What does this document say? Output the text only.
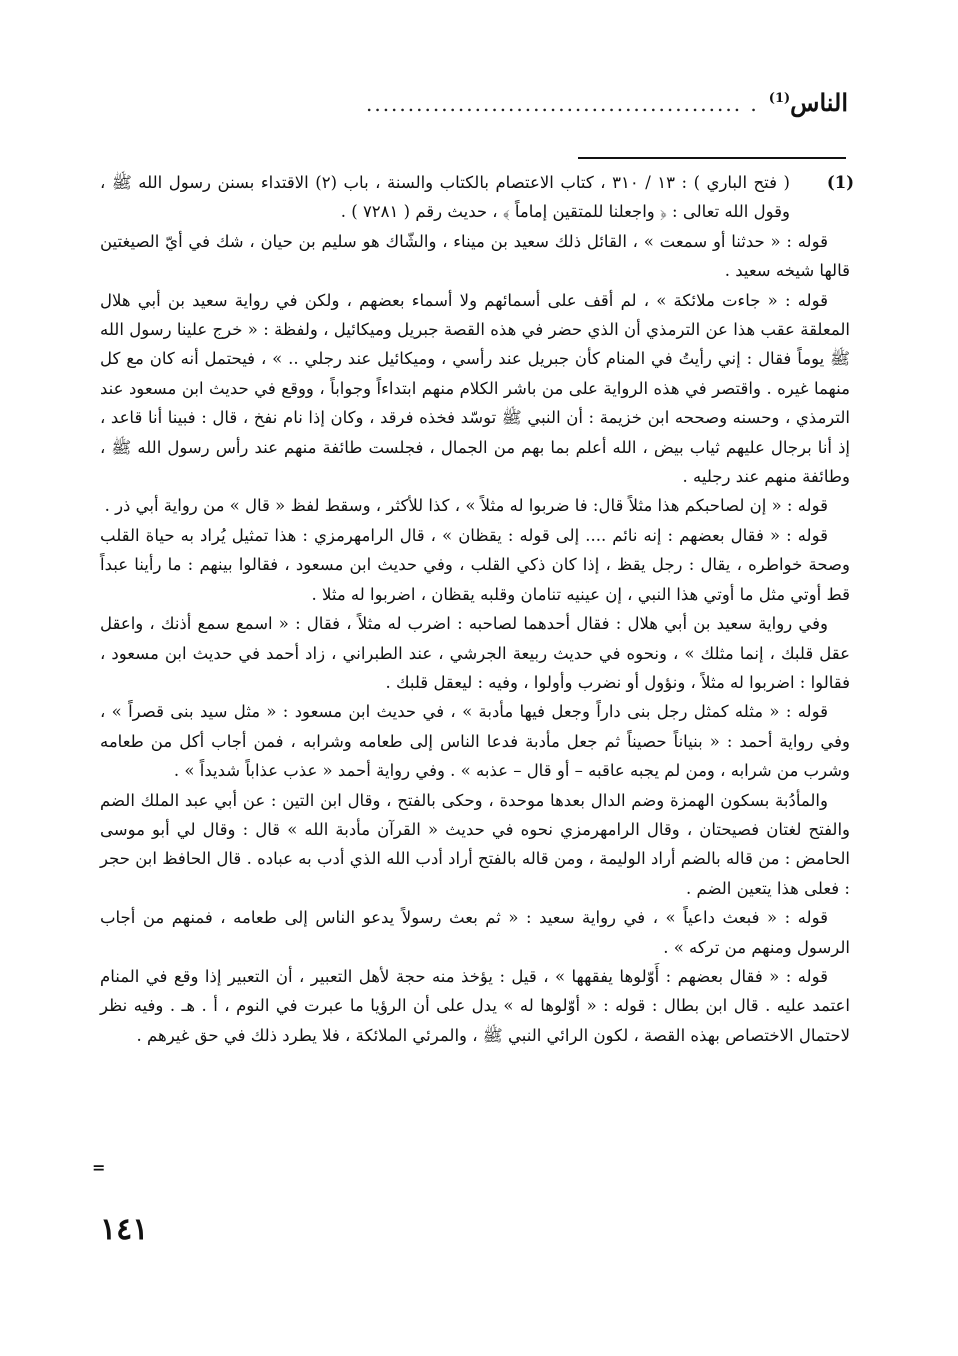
الناس$^{(1)}$
. .............................................
(1)

( فتح الباري ) : ١٣ / ٣١٠ ، كتاب الاعتصام بالكتاب والسنة ، باب (٢) الاقتداء بسنن رسول الله ﷺ ، وقول الله تعالى : ﴿ واجعلنا للمتقين إماماً ﴾ ، حديث رقم ( ٧٢٨١ ) .

قوله : « حدثنا أو سمعت » ، القائل ذلك سعيد بن ميناء ، والشّاك هو سليم بن حيان ، شك في أيّ الصيغتين قالها شيخه سعيد .

قوله : « جاءت ملائكة » ، لم أقف على أسمائهم ولا أسماء بعضهم ، ولكن في رواية سعيد بن أبي هلال المعلقة عقب هذا عن الترمذي أن الذي حضر في هذه القصة جبريل وميكائيل ، ولفظة : « خرج علينا رسول الله ﷺ يوماً فقال : إني رأيتُ في المنام كأن جبريل عند رأسي ، وميكائيل عند رجلي .. » ، فيحتمل أنه كان مع كل منهما غيره . واقتصر في هذه الرواية على من باشر الكلام منهم ابتداءاً وجواباً ، ووقع في حديث ابن مسعود عند الترمذي ، وحسنه وصححه ابن خزيمة : أن النبي ﷺ توسّد فخذه فرقد ، وكان إذا نام نفخ ، قال : فبينا أنا قاعد ، إذ أنا برجال عليهم ثياب بيض ، الله أعلم بما بهم من الجمال ، فجلست طائفة منهم عند رأس رسول الله ﷺ ، وطائفة منهم عند رجليه .

قوله : « إن لصاحبكم هذا مثلاً قال: فا ضربوا له مثلاً » ، كذا للأكثر ، وسقط لفظ « قال » من رواية أبي ذر .

قوله : « فقال بعضهم : إنه نائم .... إلى قوله : يقظان » ، قال الرامهرمزي : هذا تمثيل يُراد به حياة القلب وصحة خواطره ، يقال : رجل يقظ ، إذا كان ذكي القلب ، وفي حديث ابن مسعود ، فقالوا بينهم : ما رأينا عبداً قط أوتي مثل ما أوتي هذا النبي ، إن عينيه تنامان وقلبه يقظان ، اضربوا له مثلا .

وفي رواية سعيد بن أبي هلال : فقال أحدهما لصاحبه : اضرب له مثلاً ، فقال : « اسمع سمع أذنك ، واعقل عقل قلبك ، إنما مثلك » ، ونحوه في حديث ربيعة الجرشي ، عند الطبراني ، زاد أحمد في حديث ابن مسعود ، فقالوا : اضربوا له مثلاً ، ونؤول أو نضرب وأولوا ، وفيه : ليعقل قلبك .

قوله : « مثله كمثل رجل بنى داراً وجعل فيها مأدبة » ، في حديث ابن مسعود : « مثل سيد بنى قصراً » ، وفي رواية أحمد : « بنياناً حصيناً ثم جعل مأدبة فدعا الناس إلى طعامه وشرابه ، فمن أجاب أكل من طعامه وشرب من شرابه ، ومن لم يجبه عاقبه – أو قال – عذبه » . وفي رواية أحمد « عذب عذاباً شديداً » .

والمأدُبة بسكون الهمزة وضم الدال بعدها موحدة ، وحكى بالفتح ، وقال ابن التين : عن أبي عبد الملك الضم والفتح لغتان فصيحتان ، وقال الرامهرمزي نحوه في حديث « القرآن مأدبة الله » قال : وقال لي أبو موسى الحامض : من قاله بالضم أراد الوليمة ، ومن قاله بالفتح أراد أدب الله الذي أدب به عباده . قال الحافظ ابن حجر : فعلى هذا يتعين الضم .

قوله : « فبعث داعياً » ، في رواية سعيد : « ثم بعث رسولاً يدعو الناس إلى طعامه ، فمنهم من أجاب الرسول ومنهم من تركه » .

قوله : « فقال بعضهم : أَوّلوها يفقهها » ، قيل : يؤخذ منه حجة لأهل التعبير ، أن التعبير إذا وقع في المنام اعتمد عليه . قال ابن بطال : قوله : « أوّلوها له » يدل على أن الرؤيا ما عبرت في النوم ، أ . هـ . وفيه نظر لاحتمال الاختصاص بهذه القصة ، لكون الرائي النبي ﷺ ، والمرئي الملائكة ، فلا يطرد ذلك في حق غيرهم .

=
١٤١
